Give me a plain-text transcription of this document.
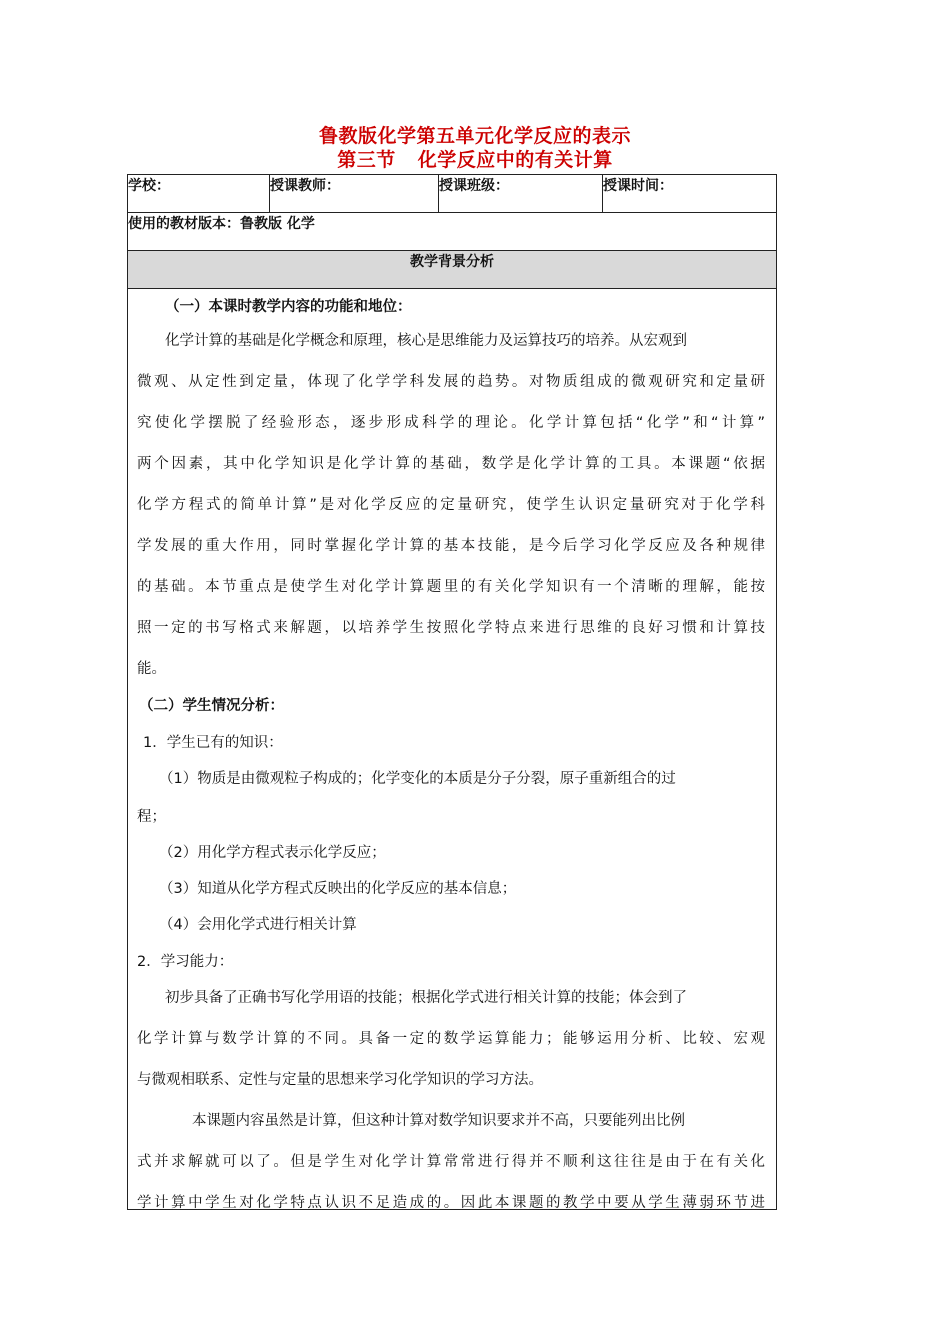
鲁教版化学第五单元化学反应的表示
第三节 化学反应中的有关计算
学校：	授课教师：	授课班级：	授课时间：
使用的教材版本：鲁教版 化学
教学背景分析

（一）本课时教学内容的功能和地位：
化学计算的基础是化学概念和原理，核心是思维能力及运算技巧的培养。从宏观到
微观、从定性到定量，体现了化学学科发展的趋势。对物质组成的微观研究和定量研
究使化学摆脱了经验形态，逐步形成科学的理论。化学计算包括“化学”和“计算”
两个因素，其中化学知识是化学计算的基础，数学是化学计算的工具。本课题“依据
化学方程式的简单计算”是对化学反应的定量研究，使学生认识定量研究对于化学科
学发展的重大作用，同时掌握化学计算的基本技能，是今后学习化学反应及各种规律
的基础。本节重点是使学生对化学计算题里的有关化学知识有一个清晰的理解，能按
照一定的书写格式来解题，以培养学生按照化学特点来进行思维的良好习惯和计算技
能。
（二）学生情况分析：
1．学生已有的知识：
（1）物质是由微观粒子构成的；化学变化的本质是分子分裂，原子重新组合的过
程；
（2）用化学方程式表示化学反应；
（3）知道从化学方程式反映出的化学反应的基本信息；
（4）会用化学式进行相关计算
2．学习能力：
初步具备了正确书写化学用语的技能；根据化学式进行相关计算的技能；体会到了
化学计算与数学计算的不同。具备一定的数学运算能力；能够运用分析、比较、宏观
与微观相联系、定性与定量的思想来学习化学知识的学习方法。
本课题内容虽然是计算，但这种计算对数学知识要求并不高，只要能列出比例
式并求解就可以了。但是学生对化学计算常常进行得并不顺利这往往是由于在有关化
学计算中学生对化学特点认识不足造成的。因此本课题的教学中要从学生薄弱环节进
